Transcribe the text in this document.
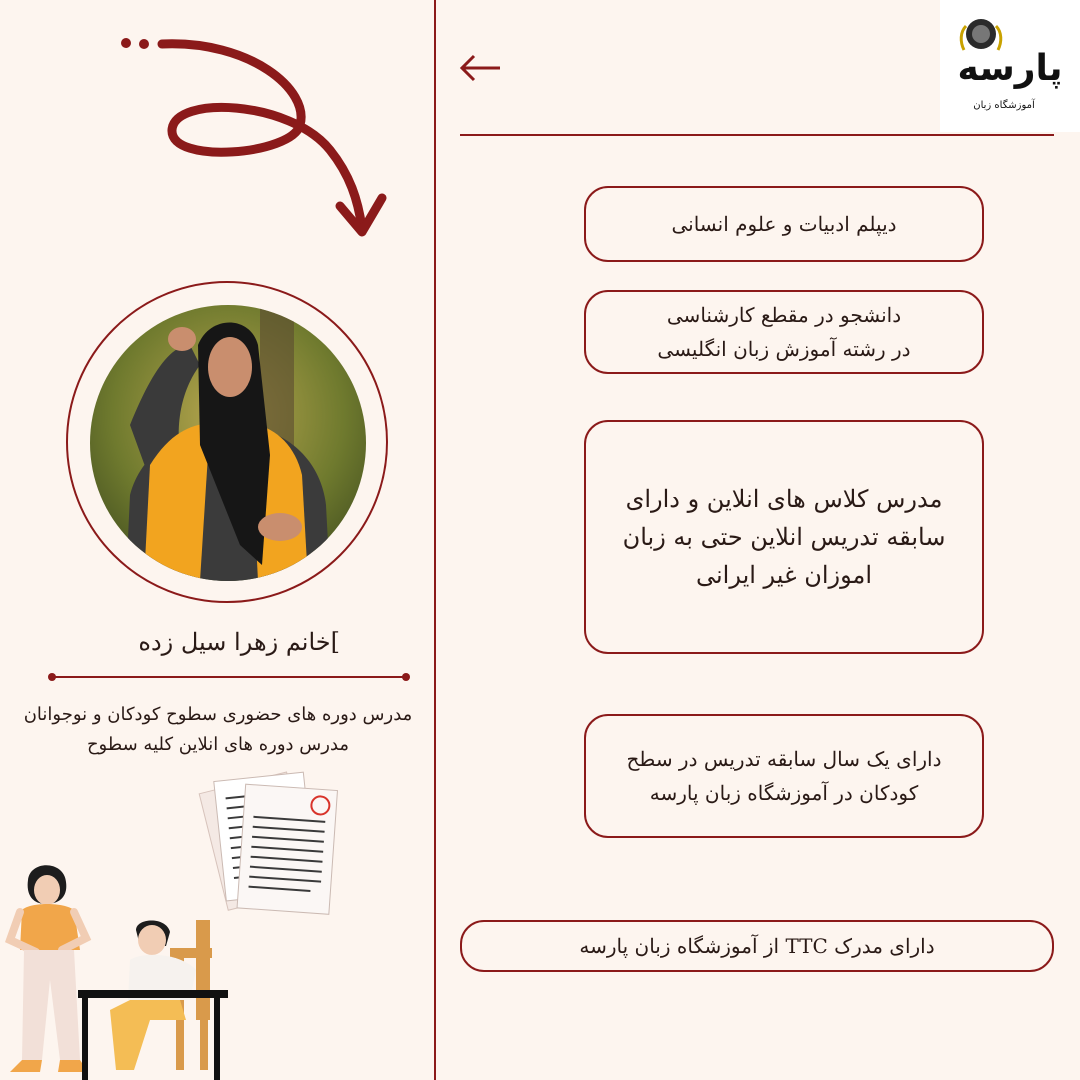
پارسه
آموزشگاه زبان
دیپلم ادبیات و علوم انسانی
دانشجو در مقطع کارشناسی
در رشته آموزش زبان انگلیسی
مدرس کلاس های انلاین و دارای
سابقه تدریس انلاین حتی به زبان
اموزان غیر ایرانی
دارای یک سال سابقه تدریس در سطح
کودکان در آموزشگاه زبان پارسه
دارای مدرک TTC از آموزشگاه زبان پارسه
]خانم زهرا سیل زده
مدرس دوره های حضوری سطوح کودکان و نوجوانان
مدرس دوره های انلاین کلیه سطوح
